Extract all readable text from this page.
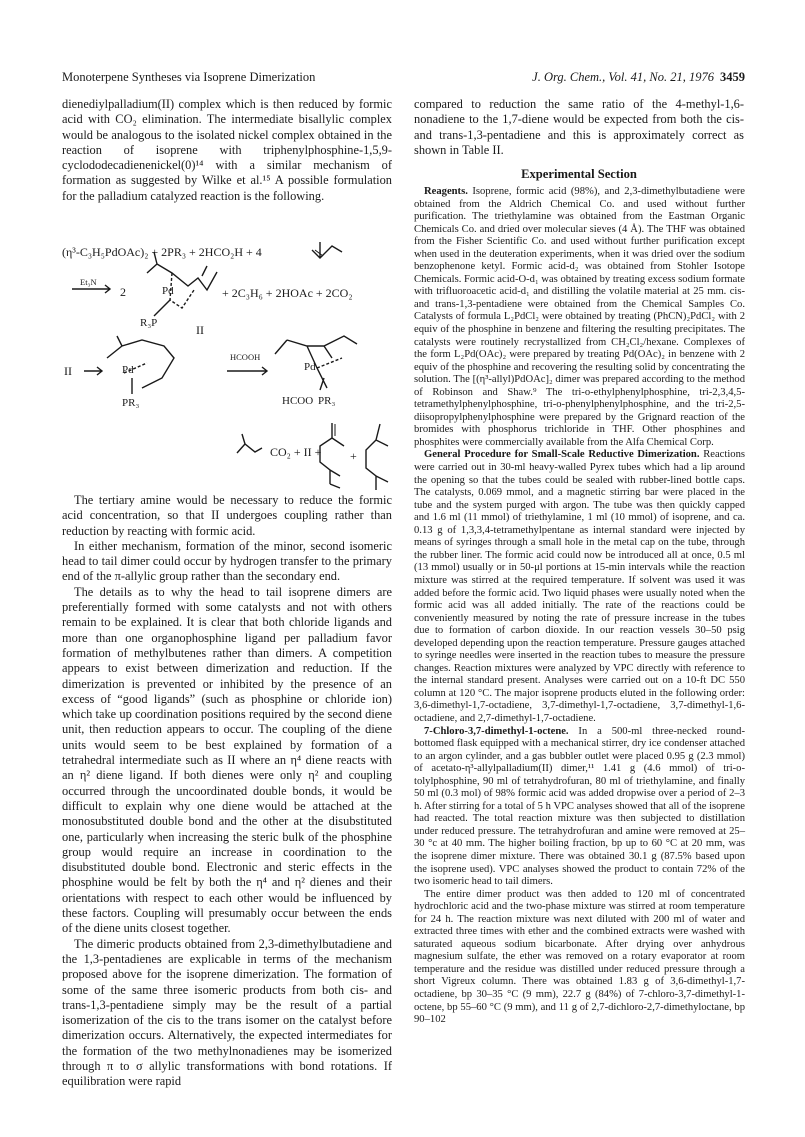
Monoterpene Syntheses via Isoprene Dimerization	J. Org. Chem., Vol. 41, No. 21, 1976 3459

dienediylpalladium(II) complex which is then reduced by formic acid with CO₂ elimination. The intermediate bisallylic complex would be analogous to the isolated nickel complex obtained in the reaction of isoprene with triphenylphosphine-1,5,9-cyclododecadienenickel(0)¹⁴ with a similar mechanism of formation as suggested by Wilke et al.¹⁵ A possible formulation for the palladium catalyzed reaction is the following.

(η³-C₃H₅PdOAc)₂ + 2PR₃ + 2HCO₂H + 4
Et₃N
2	Pd
R₃P
+ 2C₃H₆ + 2HOAc + 2CO₂
II
II	Pd
PR₃
HCOOH
Pd
HCOO PR₃
CO₂ + II + +

The tertiary amine would be necessary to reduce the formic acid concentration, so that II undergoes coupling rather than reduction by reacting with formic acid.

In either mechanism, formation of the minor, second isomeric head to tail dimer could occur by hydrogen transfer to the primary end of the π-allylic group rather than the secondary end.

The details as to why the head to tail isoprene dimers are preferentially formed with some catalysts and not with others remain to be explained. It is clear that both chloride ligands and more than one organophosphine ligand per palladium favor formation of methylbutenes rather than dimers. A competition appears to exist between dimerization and reduction. If the dimerization is prevented or inhibited by the presence of an excess of “good ligands” (such as phosphine or chloride ion) which take up coordination positions required by the second diene unit, then reduction appears to occur. The coupling of the diene units would seem to be best explained by formation of a tetrahedral intermediate such as II where an η⁴ diene reacts with an η² diene ligand. If both dienes were only η² and coupling occurred through the uncoordinated double bonds, it would be difficult to explain why one diene would be attached at the monosubstituted double bond and the other at the disubstituted one, particularly when increasing the steric bulk of the phosphine group would require an increase in coordination to the disubstituted double bond. Electronic and steric effects in the phosphine would be felt by both the η⁴ and η² dienes and their orientations with respect to each other would be influenced by these factors. Coupling will presumably occur between the ends of the diene units closest together.

The dimeric products obtained from 2,3-dimethylbutadiene and the 1,3-pentadienes are explicable in terms of the mechanism proposed above for the isoprene dimerization. The formation of some of the same three isomeric products from both cis- and trans-1,3-pentadiene simply may be the result of a partial isomerization of the cis to the trans isomer on the catalyst before dimerization occurs. Alternatively, the expected intermediates for the formation of the two methylnonadienes may be isomerized through π to σ allylic transformations with bond rotations. If equilibration were rapid

compared to reduction the same ratio of the 4-methyl-1,6-nonadiene to the 1,7-diene would be expected from both the cis- and trans-1,3-pentadiene and this is approximately correct as shown in Table II.

Experimental Section

Reagents. Isoprene, formic acid (98%), and 2,3-dimethylbutadiene were obtained from the Aldrich Chemical Co. and used without further purification. The triethylamine was obtained from the Eastman Organic Chemicals Co. and dried over molecular sieves (4 Å). The THF was obtained from the Fisher Scientific Co. and used without further purification except when used in the deuteration experiments, when it was dried over the sodium benzophenone ketyl. Formic acid-d₂ was obtained from Stohler Isotope Chemicals. Formic acid-O-d₁ was obtained by treating excess sodium formate with trifluoroacetic acid-d₁ and distilling the volatile material at 25 mm. cis- and trans-1,3-pentadiene were obtained from the Chemical Samples Co. Catalysts of formula L₂PdCl₂ were obtained by treating (PhCN)₂PdCl₂ with 2 equiv of the phosphine in benzene and filtering the resulting precipitates. The catalysts were routinely recrystallized from CH₂Cl₂/hexane. Complexes of the form L₂Pd(OAc)₂ were prepared by treating Pd(OAc)₂ in benzene with 2 equiv of the phosphine and recovering the resulting solid by concentrating the solution. The [(η³-allyl)PdOAc]₂ dimer was prepared according to the method of Robinson and Shaw.⁹ The tri-o-ethylphenylphosphine, tri-2,3,4,5-tetramethylphenylphosphine, tri-o-phenylphenylphosphine, and the tri-2,5-diisopropylphenylphosphine were prepared by the Grignard reaction of the bromides with phosphorus trichloride in THF. Other phosphines and phosphites were commercially available from the Alfa Chemical Corp.

General Procedure for Small-Scale Reductive Dimerization. Reactions were carried out in 30-ml heavy-walled Pyrex tubes which had a lip around the opening so that the tubes could be sealed with rubber-lined bottle caps. The catalysts, 0.069 mmol, and a magnetic stirring bar were placed in the tube and the system purged with argon. The tube was then quickly capped and 1.6 ml (11 mmol) of triethylamine, 1 ml (10 mmol) of isoprene, and ca. 0.13 g of 1,3,3,4-tetramethylpentane as internal standard were injected by means of syringes through a small hole in the metal cap on the tube, through the rubber liner. The formic acid could now be introduced all at once, 0.5 ml (13 mmol) usually or in 50-μl portions at 15-min intervals while the reaction mixture was stirred at the required temperature. If solvent was used it was added before the formic acid. Two liquid phases were usually noted when the formic acid was all added initially. The rate of the reactions could be conveniently measured by noting the rate of pressure increase in the tubes due to formation of carbon dioxide. In our reaction vessels 30–50 psig developed depending upon the reaction temperature. Pressure gauges attached to syringe needles were inserted in the reaction tubes to measure the pressure changes. Reaction mixtures were analyzed by VPC directly with reference to the internal standard present. Analyses were carried out on a 10-ft DC 550 column at 120 °C. The major isoprene products eluted in the following order: 3,6-dimethyl-1,7-octadiene, 3,7-dimethyl-1,7-octadiene, 3,7-dimethyl-1,6-octadiene, and 2,7-dimethyl-1,7-octadiene.

7-Chloro-3,7-dimethyl-1-octene. In a 500-ml three-necked round-bottomed flask equipped with a mechanical stirrer, dry ice condenser attached to an argon cylinder, and a gas bubbler outlet were placed 0.95 g (2.3 mmol) of acetato-η³-allylpalladium(II) dimer,¹¹ 1.41 g (4.6 mmol) of tri-o-tolylphosphine, 90 ml of tetrahydrofuran, 80 ml of triethylamine, and finally 50 ml (0.3 mol) of 98% formic acid was added dropwise over a period of 2–3 h. After stirring for a total of 5 h VPC analyses showed that all of the isoprene had reacted. The total reaction mixture was then subjected to distillation under reduced pressure. The tetrahydrofuran and amine were removed at 25–30 °c at 40 mm. The higher boiling fraction, bp up to 60 °C at 20 mm, was the isoprene dimer mixture. There was obtained 30.1 g (87.5% based upon the isoprene used). VPC analyses showed the product to contain 72% of the two isomeric head to tail dimers.

The entire dimer product was then added to 120 ml of concentrated hydrochloric acid and the two-phase mixture was stirred at room temperature for 24 h. The reaction mixture was next diluted with 200 ml of water and extracted three times with ether and the combined extracts were washed with saturated aqueous sodium bicarbonate. After drying over anhydrous magnesium sulfate, the ether was removed on a rotary evaporator at room temperature and the residue was distilled under reduced pressure through a short Vigreux column. There was obtained 1.83 g of 3,6-dimethyl-1,7-octadiene, bp 30–35 °C (9 mm), 22.7 g (84%) of 7-chloro-3,7-dimethyl-1-octene, bp 55–60 °C (9 mm), and 11 g of 2,7-dichloro-2,7-dimethyloctane, bp 90–102
